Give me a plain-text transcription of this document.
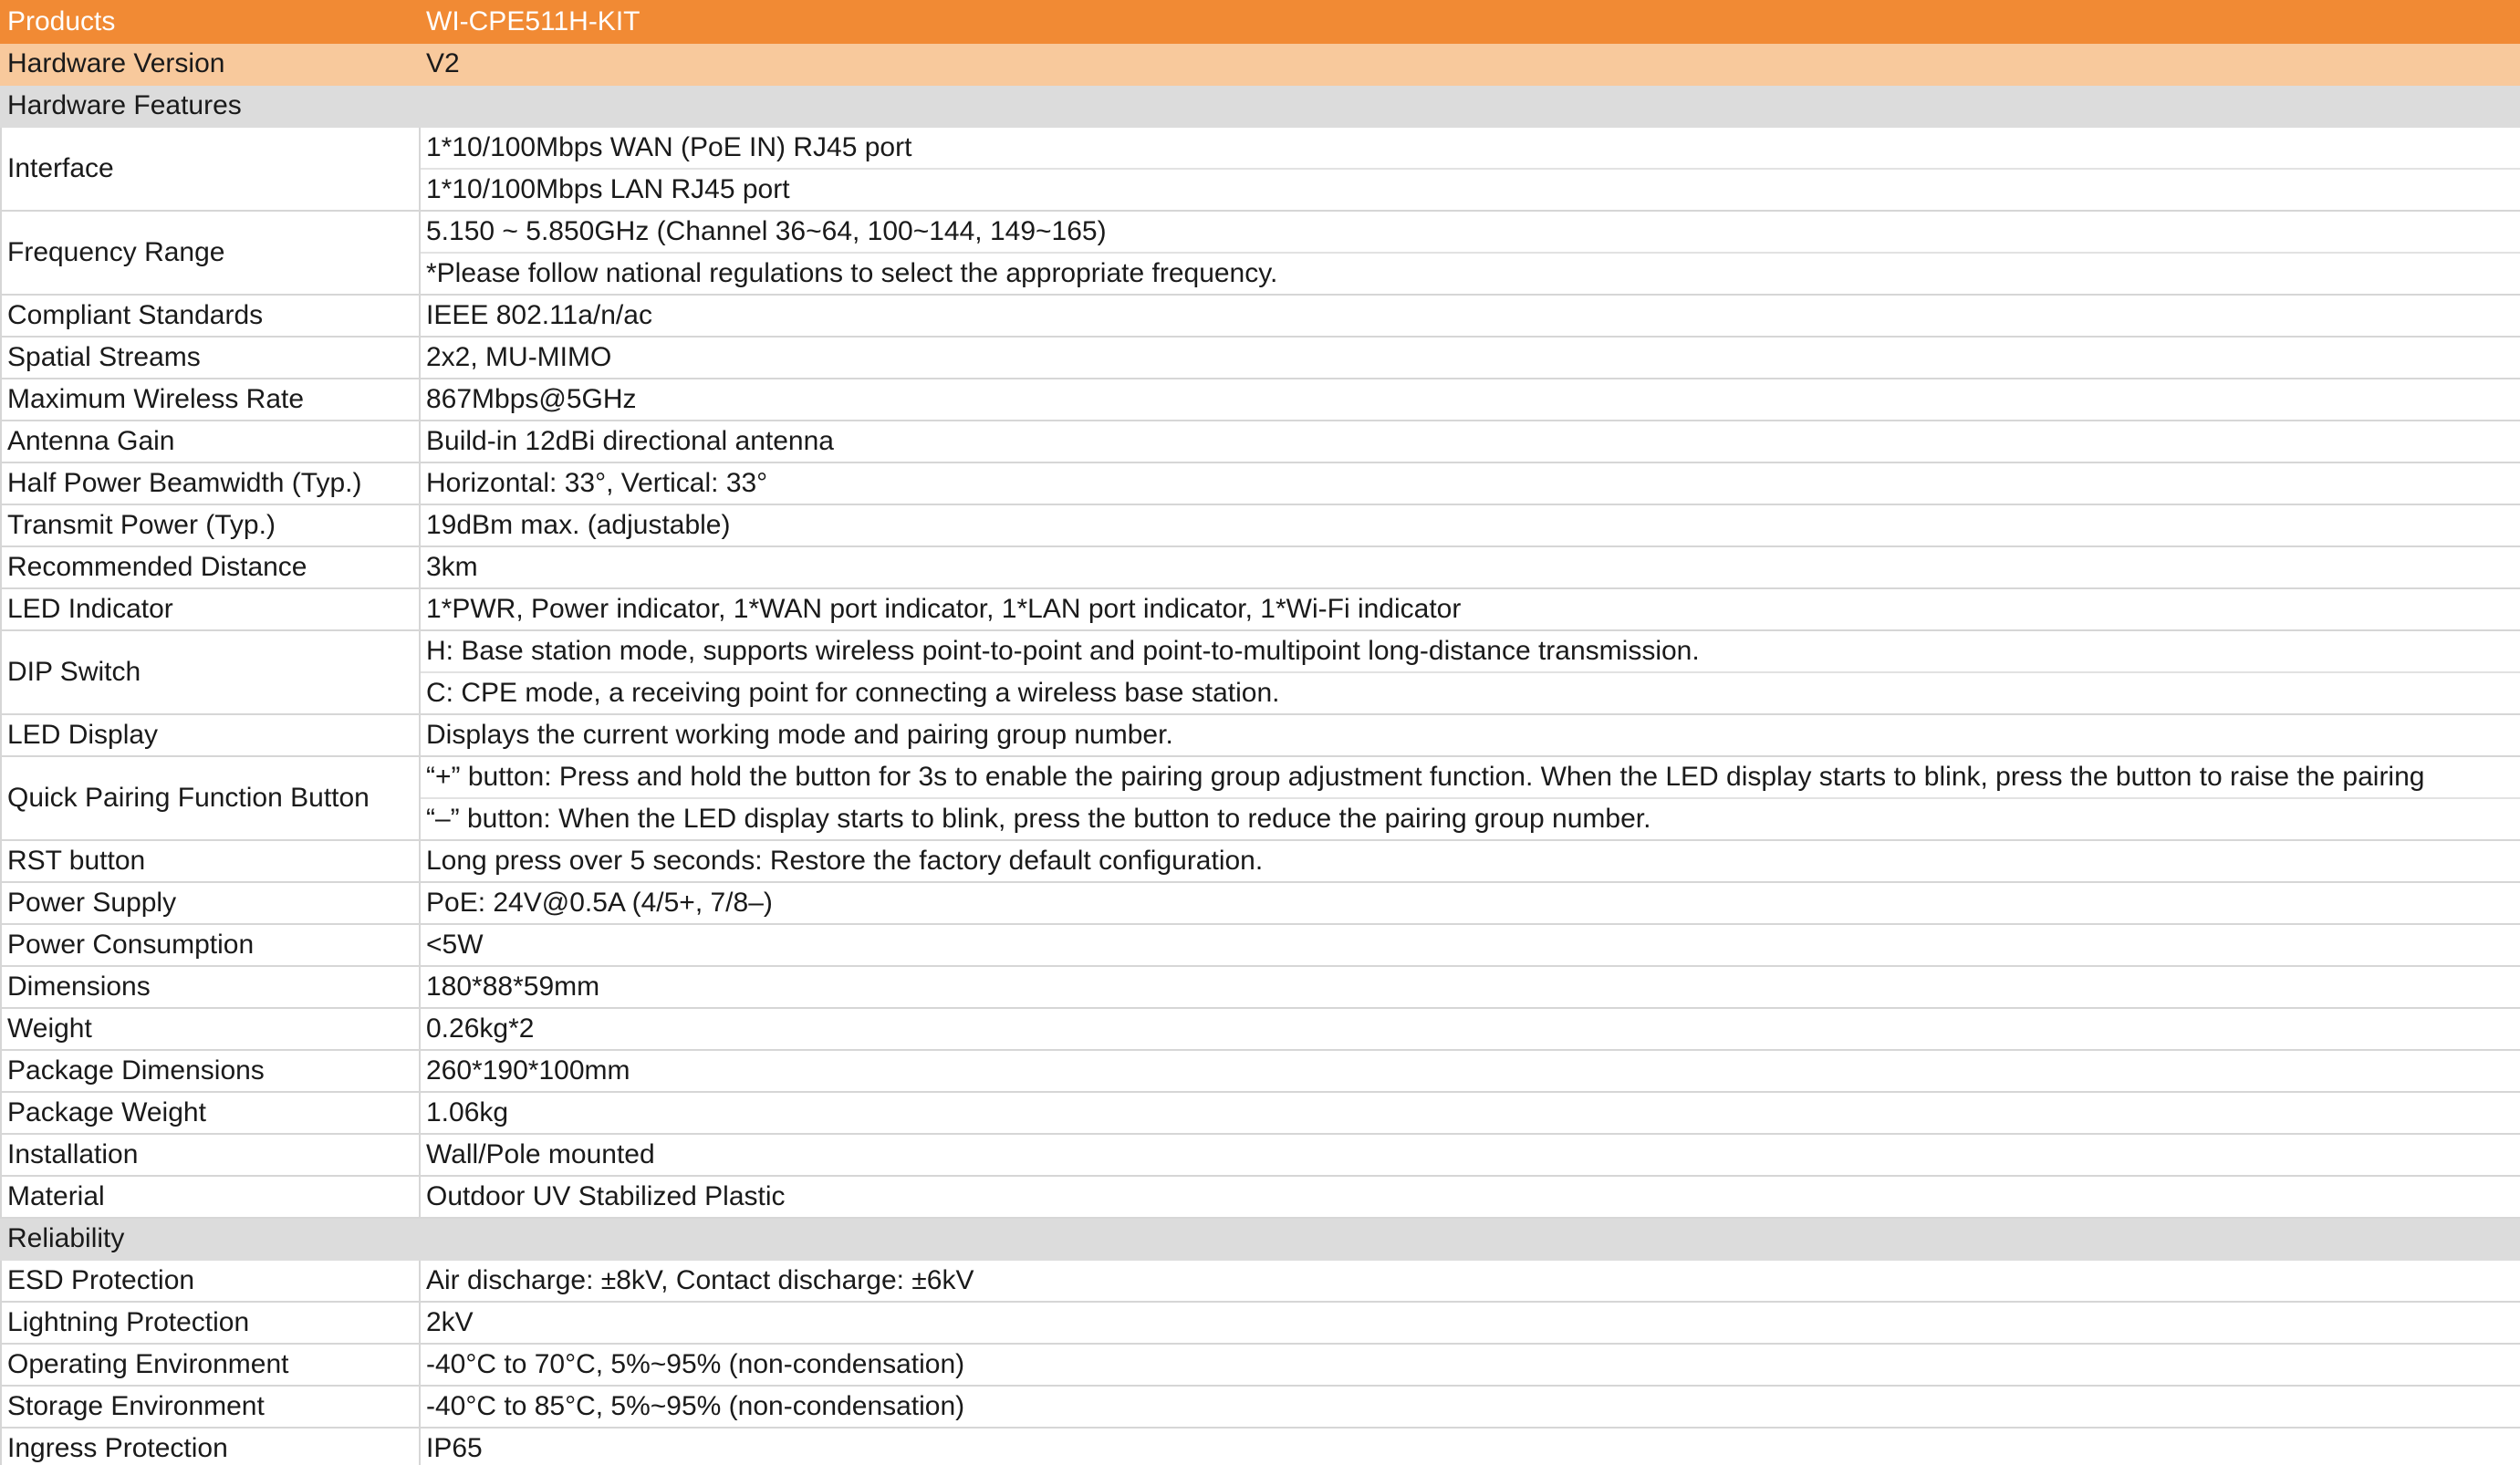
Products	WI-CPE511H-KIT
Hardware Version	V2
Hardware Features	
Interface	1*10/100Mbps WAN (PoE IN) RJ45 port
1*10/100Mbps LAN RJ45 port

Frequency Range	5.150 ~ 5.850GHz (Channel 36~64, 100~144, 149~165)
*Please follow national regulations to select the appropriate frequency.

Compliant Standards	IEEE 802.11a/n/ac
Spatial Streams	2x2, MU-MIMO
Maximum Wireless Rate	867Mbps@5GHz
Antenna Gain	Build-in 12dBi directional antenna
Half Power Beamwidth (Typ.)	Horizontal: 33°, Vertical: 33°
Transmit Power (Typ.)	19dBm max. (adjustable)
Recommended Distance	3km
LED Indicator	1*PWR, Power indicator, 1*WAN port indicator, 1*LAN port indicator, 1*Wi-Fi indicator
DIP Switch	H: Base station mode, supports wireless point-to-point and point-to-multipoint long-distance transmission.
C: CPE mode, a receiving point for connecting a wireless base station.

LED Display	Displays the current working mode and pairing group number.
Quick Pairing Function Button	“+” button: Press and hold the button for 3s to enable the pairing group adjustment function. When the LED display starts to blink, press the button to raise the pairing
“–” button: When the LED display starts to blink, press the button to reduce the pairing group number.

RST button	Long press over 5 seconds: Restore the factory default configuration.
Power Supply	PoE: 24V@0.5A (4/5+, 7/8–)
Power Consumption	<5W
Dimensions	180*88*59mm
Weight	0.26kg*2
Package Dimensions	260*190*100mm
Package Weight	1.06kg
Installation	Wall/Pole mounted
Material	Outdoor UV Stabilized Plastic
Reliability	
ESD Protection	Air discharge: ±8kV, Contact discharge: ±6kV
Lightning Protection	2kV
Operating Environment	-40°C to 70°C, 5%~95% (non-condensation)
Storage Environment	-40°C to 85°C, 5%~95% (non-condensation)
Ingress Protection	IP65
